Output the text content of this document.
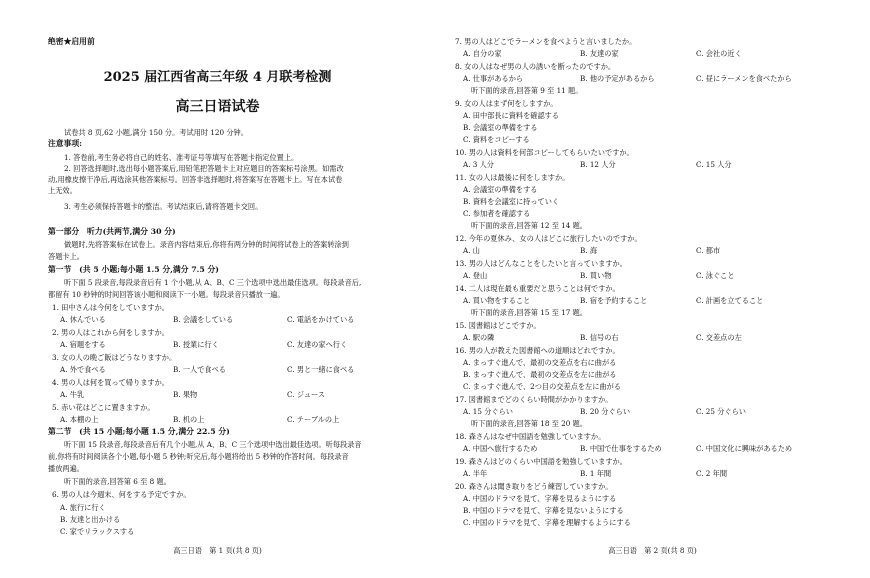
绝密★启用前
2025 届江西省高三年级 4 月联考检测
高三日语试卷
试卷共 8 页,62 小题,满分 150 分。考试用时 120 分钟。
注意事项:
1. 答卷前,考生务必将自己的姓名、准考证号等填写在答题卡指定位置上。
2. 回答选择题时,选出每小题答案后,用铅笔把答题卡上对应题目的答案标号涂黑。如需改
动,用橡皮擦干净后,再选涂其他答案标号。回答非选择题时,将答案写在答题卡上。写在本试卷
上无效。
3. 考生必须保持答题卡的整洁。考试结束后,请将答题卡交回。
第一部分　听力(共两节,满分 30 分)
做题时,先将答案标在试卷上。录音内容结束后,你将有两分钟的时间将试卷上的答案转涂到
答题卡上。
第一节　(共 5 小题;每小题 1.5 分,满分 7.5 分)
听下面 5 段录音,每段录音后有 1 个小题,从 A、B、C 三个选项中选出最佳选项。每段录音后,
都留有 10 秒钟的时间回答该小题和阅读下一小题。每段录音只播放一遍。
1. 田中さんは今何をしていますか。
A. 休んでいる	B. 会議をしている	C. 電話をかけている
2. 男の人はこれから何をしますか。
A. 宿題をする	B. 授業に行く	C. 友達の家へ行く
3. 女の人の晩ご飯はどうなりますか。
A. 外で食べる	B. 一人で食べる	C. 男と一緒に食べる
4. 男の人は何を買って帰りますか。
A. 牛乳	B. 果物	C. ジュース
5. 赤い花はどこに置きますか。
A. 本棚の上	B. 机の上	C. テーブルの上
第二节　(共 15 小题;每小题 1.5 分,满分 22.5 分)
听下面 15 段录音,每段录音后有几个小题,从 A、B、C 三个选项中选出最佳选项。听每段录音
前,你将有时间阅读各个小题,每小题 5 秒钟;听完后,每小题将给出 5 秒钟的作答时间。每段录音
播放两遍。
听下面的录音,回答第 6 至 8 题。
6. 男の人は今週末、何をする予定ですか。
A. 旅行に行く
B. 友達と出かける
C. 家でリラックスする
高三日语　第 1 页(共 8 页)
7. 男の人はどこでラーメンを食べようと言いましたか。
A. 自分の家	B. 友達の家	C. 会社の近く
8. 女の人はなぜ男の人の誘いを断ったのですか。
A. 仕事があるから	B. 他の予定があるから	C. 昼にラーメンを食べたから
听下面的录音,回答第 9 至 11 题。
9. 女の人はまず何をしますか。
A. 田中部長に資料を確認する
B. 会議室の準備をする
C. 資料をコピーする
10. 男の人は資料を何部コピーしてもらいたいですか。
A. 3 人分	B. 12 人分	C. 15 人分
11. 女の人は最後に何をしますか。
A. 会議室の準備をする
B. 資料を会議室に持っていく
C. 参加者を確認する
听下面的录音,回答第 12 至 14 题。
12. 今年の夏休み、女の人はどこに旅行したいのですか。
A. 山	B. 海	C. 都市
13. 男の人はどんなことをしたいと言っていますか。
A. 登山	B. 買い物	C. 泳ぐこと
14. 二人は現在最も重要だと思うことは何ですか。
A. 買い物をすること	B. 宿を予約すること	C. 計画を立てること
听下面的录音,回答第 15 至 17 题。
15. 図書館はどこですか。
A. 駅の隣	B. 信号の右	C. 交差点の左
16. 男の人が教えた図書館への道順はどれですか。
A. まっすぐ進んで、最初の交差点を右に曲がる
B. まっすぐ進んで、最初の交差点を左に曲がる
C. まっすぐ進んで、2つ目の交差点を左に曲がる
17. 図書館までどのくらい時間がかかりますか。
A. 15 分ぐらい	B. 20 分ぐらい	C. 25 分ぐらい
听下面的录音,回答第 18 至 20 题。
18. 森さんはなぜ中国語を勉強していますか。
A. 中国へ旅行するため	B. 中国で仕事をするため	C. 中国文化に興味があるため
19. 森さんはどのくらい中国語を勉強していますか。
A. 半年	B. 1 年間	C. 2 年間
20. 森さんは聞き取りをどう練習していますか。
A. 中国のドラマを見て、字幕を見るようにする
B. 中国のドラマを見て、字幕を見ないようにする
C. 中国のドラマを見て、字幕を理解するようにする
高三日语　第 2 页(共 8 页)
